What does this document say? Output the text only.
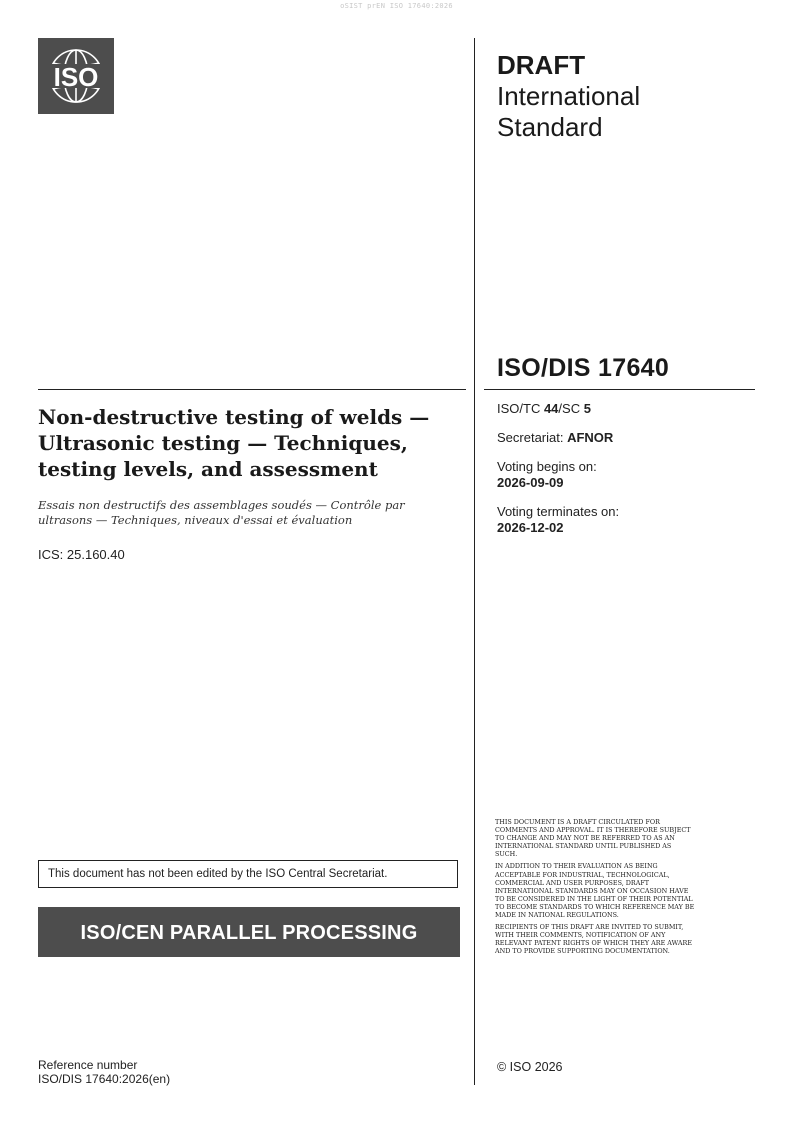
oSIST prEN ISO 17640:2026
ISO	DRAFT
International
Standard
ISO/DIS 17640
Non-destructive testing of welds — Ultrasonic testing — Techniques, testing levels, and assessment
Essais non destructifs des assemblages soudés — Contrôle par ultrasons — Techniques, niveaux d'essai et évaluation
ICS: 25.160.40
ISO/TC 44/SC 5
Secretariat: AFNOR
Voting begins on:
2026-09-09
Voting terminates on:
2026-12-02
This document has not been edited by the ISO Central Secretariat.
ISO/CEN PARALLEL PROCESSING

THIS DOCUMENT IS A DRAFT CIRCULATED FOR COMMENTS AND APPROVAL. IT IS THEREFORE SUBJECT TO CHANGE AND MAY NOT BE REFERRED TO AS AN INTERNATIONAL STANDARD UNTIL PUBLISHED AS SUCH.

IN ADDITION TO THEIR EVALUATION AS BEING ACCEPTABLE FOR INDUSTRIAL, TECHNOLOGICAL, COMMERCIAL AND USER PURPOSES, DRAFT INTERNATIONAL STANDARDS MAY ON OCCASION HAVE TO BE CONSIDERED IN THE LIGHT OF THEIR POTENTIAL TO BECOME STANDARDS TO WHICH REFERENCE MAY BE MADE IN NATIONAL REGULATIONS.

RECIPIENTS OF THIS DRAFT ARE INVITED TO SUBMIT, WITH THEIR COMMENTS, NOTIFICATION OF ANY RELEVANT PATENT RIGHTS OF WHICH THEY ARE AWARE AND TO PROVIDE SUPPORTING DOCUMENTATION.

© ISO 2026
Reference number
ISO/DIS 17640:2026(en)
